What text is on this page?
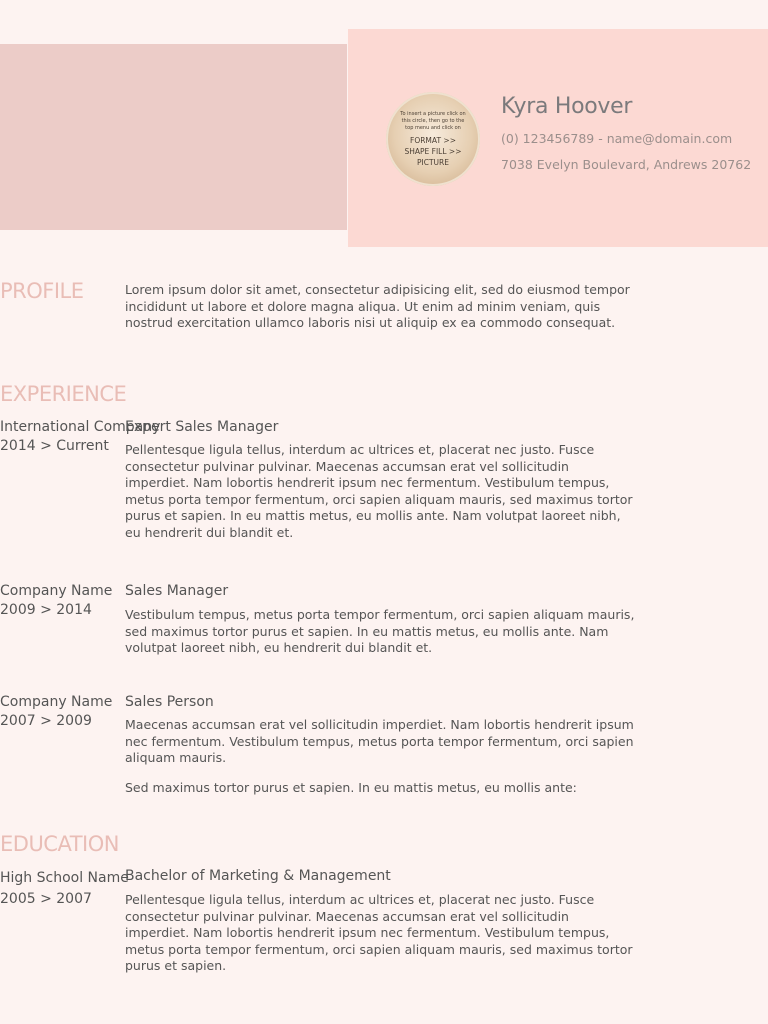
To insert a picture click on this circle, then go to the top menu and click on
FORMAT >>
SHAPE FILL >>
PICTURE
Kyra Hoover
(0) 123456789 - name@domain.com
7038 Evelyn Boulevard, Andrews 20762
PROFILE	Lorem ipsum dolor sit amet, consectetur adipisicing elit, sed do eiusmod tempor incididunt ut labore et dolore magna aliqua. Ut enim ad minim veniam, quis nostrud exercitation ullamco laboris nisi ut aliquip ex ea commodo consequat.
EXPERIENCE
International Company
2014 > Current
Expert Sales Manager
Pellentesque ligula tellus, interdum ac ultrices et, placerat nec justo. Fusce consectetur pulvinar pulvinar. Maecenas accumsan erat vel sollicitudin imperdiet. Nam lobortis hendrerit ipsum nec fermentum. Vestibulum tempus, metus porta tempor fermentum, orci sapien aliquam mauris, sed maximus tortor purus et sapien. In eu mattis metus, eu mollis ante. Nam volutpat laoreet nibh, eu hendrerit dui blandit et.
Company Name
2009 > 2014
Sales Manager
Vestibulum tempus, metus porta tempor fermentum, orci sapien aliquam mauris, sed maximus tortor purus et sapien. In eu mattis metus, eu mollis ante. Nam volutpat laoreet nibh, eu hendrerit dui blandit et.
Company Name
2007 > 2009
Sales Person
Maecenas accumsan erat vel sollicitudin imperdiet. Nam lobortis hendrerit ipsum nec fermentum. Vestibulum tempus, metus porta tempor fermentum, orci sapien aliquam mauris.
Sed maximus tortor purus et sapien. In eu mattis metus, eu mollis ante:
EDUCATION
High School Name
2005 > 2007
Bachelor of Marketing & Management
Pellentesque ligula tellus, interdum ac ultrices et, placerat nec justo. Fusce consectetur pulvinar pulvinar. Maecenas accumsan erat vel sollicitudin imperdiet. Nam lobortis hendrerit ipsum nec fermentum. Vestibulum tempus, metus porta tempor fermentum, orci sapien aliquam mauris, sed maximus tortor purus et sapien.
